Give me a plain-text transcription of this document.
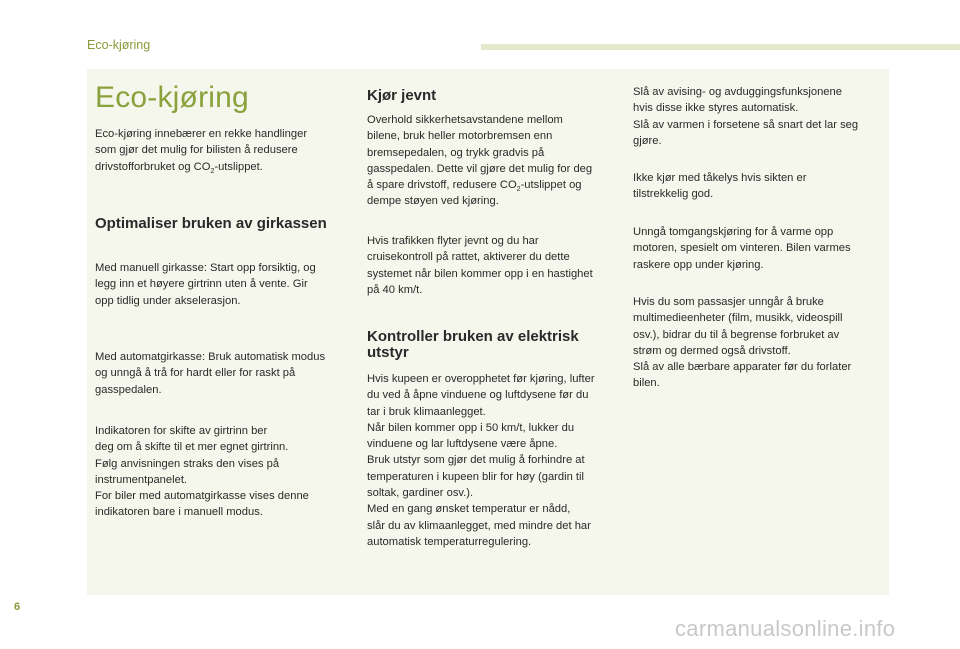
Eco-kjøring
Eco-kjøring

Eco-kjøring innebærer en rekke handlinger
som gjør det mulig for bilisten å redusere
drivstofforbruket og $CO_2$-utslippet.

Optimaliser bruken av girkassen

Med manuell girkasse: Start opp forsiktig, og
legg inn et høyere girtrinn uten å vente. Gir
opp tidlig under akselerasjon.

Med automatgirkasse: Bruk automatisk modus
og unngå å trå for hardt eller for raskt på
gasspedalen.

Indikatoren for skifte av girtrinn ber
deg om å skifte til et mer egnet girtrinn.
Følg anvisningen straks den vises på
instrumentpanelet.
For biler med automatgirkasse vises denne
indikatoren bare i manuell modus.

Kjør jevnt

Overhold sikkerhetsavstandene mellom
bilene, bruk heller motorbremsen enn
bremsepedalen, og trykk gradvis på
gasspedalen. Dette vil gjøre det mulig for deg
å spare drivstoff, redusere $CO_2$-utslippet og
dempe støyen ved kjøring.

Hvis trafikken flyter jevnt og du har
cruisekontroll på rattet, aktiverer du dette
systemet når bilen kommer opp i en hastighet
på 40 km/t.

Kontroller bruken av elektrisk
utstyr

Hvis kupeen er overopphetet før kjøring, lufter
du ved å åpne vinduene og luftdysene før du
tar i bruk klimaanlegget.
Når bilen kommer opp i 50 km/t, lukker du
vinduene og lar luftdysene være åpne.
Bruk utstyr som gjør det mulig å forhindre at
temperaturen i kupeen blir for høy (gardin til
soltak, gardiner osv.).
Med en gang ønsket temperatur er nådd,
slår du av klimaanlegget, med mindre det har
automatisk temperaturregulering.

Slå av avising- og avduggingsfunksjonene
hvis disse ikke styres automatisk.
Slå av varmen i forsetene så snart det lar seg
gjøre.

Ikke kjør med tåkelys hvis sikten er
tilstrekkelig god.

Unngå tomgangskjøring for å varme opp
motoren, spesielt om vinteren. Bilen varmes
raskere opp under kjøring.

Hvis du som passasjer unngår å bruke
multimedieenheter (film, musikk, videospill
osv.), bidrar du til å begrense forbruket av
strøm og dermed også drivstoff.
Slå av alle bærbare apparater før du forlater
bilen.

6
carmanualsonline.info
